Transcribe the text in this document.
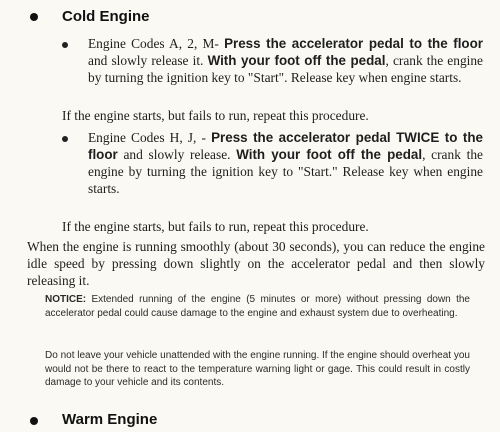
Cold Engine
Engine Codes A, 2, M- Press the accelerator pedal to the floor and slowly release it. With your foot off the pedal, crank the engine by turning the ignition key to "Start". Release key when engine starts.
If the engine starts, but fails to run, repeat this procedure.
Engine Codes H, J, - Press the accelerator pedal TWICE to the floor and slowly release. With your foot off the pedal, crank the engine by turning the ignition key to "Start." Release key when engine starts.
If the engine starts, but fails to run, repeat this procedure.
When the engine is running smoothly (about 30 seconds), you can reduce the engine idle speed by pressing down slightly on the accelerator pedal and then slowly releasing it.
NOTICE: Extended running of the engine (5 minutes or more) without pressing down the accelerator pedal could cause damage to the engine and exhaust system due to overheating.
Do not leave your vehicle unattended with the engine running. If the engine should overheat you would not be there to react to the temperature warning light or gage. This could result in costly damage to your vehicle and its contents.
Warm Engine
